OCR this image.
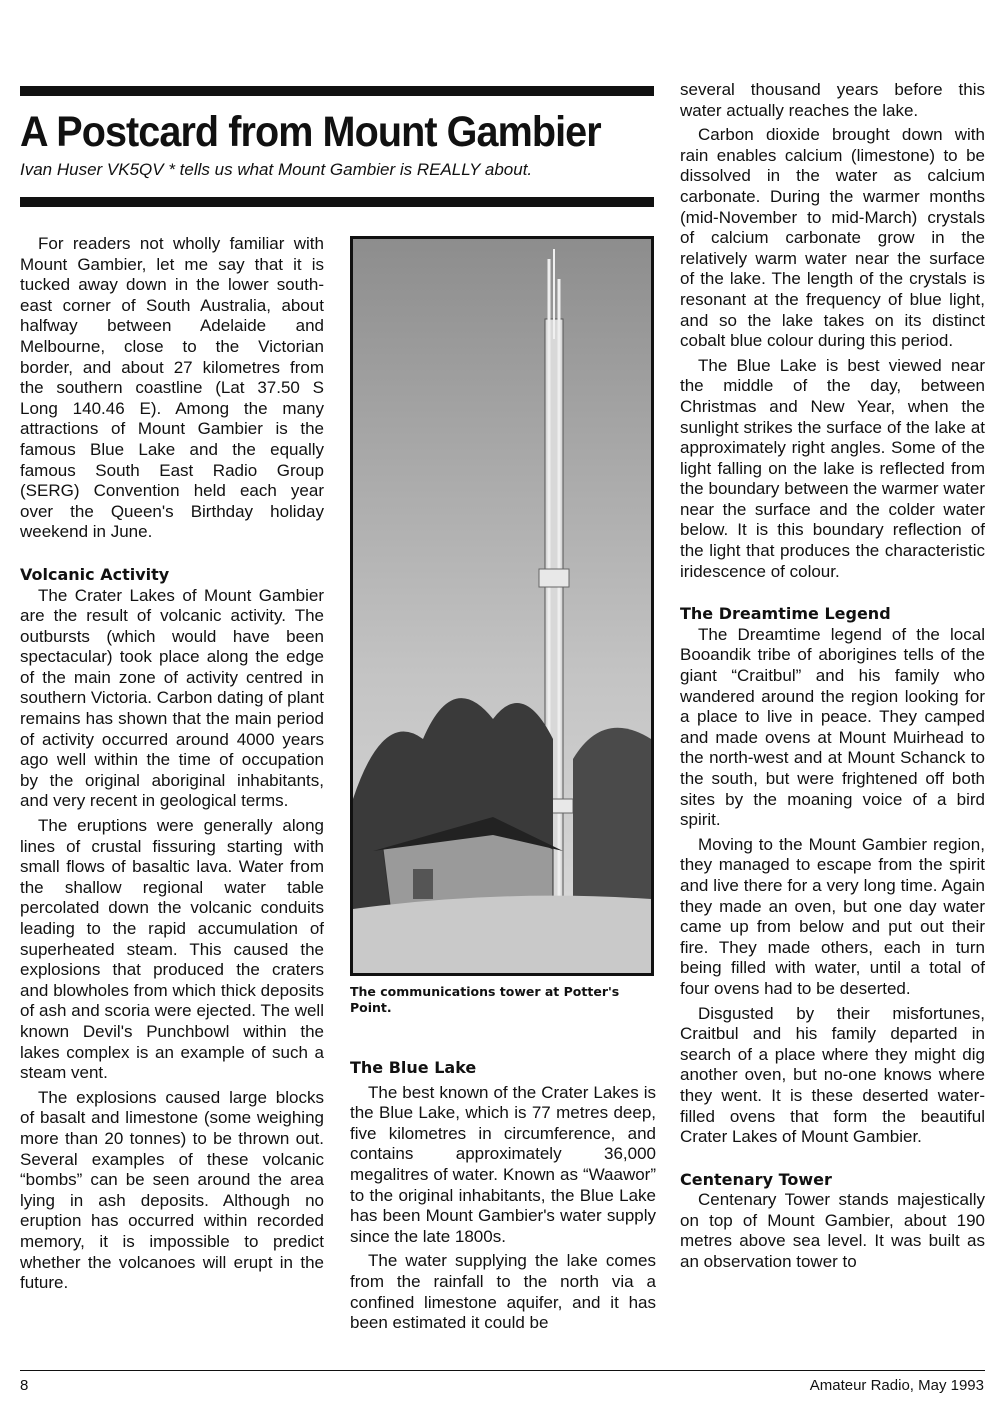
A Postcard from Mount Gambier

Ivan Huser VK5QV * tells us what Mount Gambier is REALLY about.

For readers not wholly familiar with Mount Gambier, let me say that it is tucked away down in the lower south-east corner of South Australia, about halfway between Adelaide and Melbourne, close to the Victorian border, and about 27 kilometres from the southern coastline (Lat 37.50 S Long 140.46 E). Among the many attractions of Mount Gambier is the famous Blue Lake and the equally famous South East Radio Group (SERG) Convention held each year over the Queen's Birthday holiday weekend in June.

Volcanic Activity

The Crater Lakes of Mount Gambier are the result of volcanic activity. The outbursts (which would have been spectacular) took place along the edge of the main zone of activity centred in southern Victoria. Carbon dating of plant remains has shown that the main period of activity occurred around 4000 years ago well within the time of occupation by the original aboriginal inhabitants, and very recent in geological terms.

The eruptions were generally along lines of crustal fissuring starting with small flows of basaltic lava. Water from the shallow regional water table percolated down the volcanic conduits leading to the rapid accumulation of superheated steam. This caused the explosions that produced the craters and blowholes from which thick deposits of ash and scoria were ejected. The well known Devil's Punchbowl within the lakes complex is an example of such a steam vent.

The explosions caused large blocks of basalt and limestone (some weighing more than 20 tonnes) to be thrown out. Several examples of these volcanic “bombs” can be seen around the area lying in ash deposits. Although no eruption has occurred within recorded memory, it is impossible to predict whether the volcanoes will erupt in the future.

The communications tower at Potter's Point.

The Blue Lake

The best known of the Crater Lakes is the Blue Lake, which is 77 metres deep, five kilometres in circumference, and contains approximately 36,000 megalitres of water. Known as “Waawor” to the original inhabitants, the Blue Lake has been Mount Gambier's water supply since the late 1800s.

The water supplying the lake comes from the rainfall to the north via a confined limestone aquifer, and it has been estimated it could be

several thousand years before this water actually reaches the lake.

Carbon dioxide brought down with rain enables calcium (limestone) to be dissolved in the water as calcium carbonate. During the warmer months (mid-November to mid-March) crystals of calcium carbonate grow in the relatively warm water near the surface of the lake. The length of the crystals is resonant at the frequency of blue light, and so the lake takes on its distinct cobalt blue colour during this period.

The Blue Lake is best viewed near the middle of the day, between Christmas and New Year, when the sunlight strikes the surface of the lake at approximately right angles. Some of the light falling on the lake is reflected from the boundary between the warmer water near the surface and the colder water below. It is this boundary reflection of the light that produces the characteristic iridescence of colour.

The Dreamtime Legend

The Dreamtime legend of the local Booandik tribe of aborigines tells of the giant “Craitbul” and his family who wandered around the region looking for a place to live in peace. They camped and made ovens at Mount Muirhead to the north-west and at Mount Schanck to the south, but were frightened off both sites by the moaning voice of a bird spirit.

Moving to the Mount Gambier region, they managed to escape from the spirit and live there for a very long time. Again they made an oven, but one day water came up from below and put out their fire. They made others, each in turn being filled with water, until a total of four ovens had to be deserted.

Disgusted by their misfortunes, Craitbul and his family departed in search of a place where they might dig another oven, but no-one knows where they went. It is these deserted water-filled ovens that form the beautiful Crater Lakes of Mount Gambier.

Centenary Tower

Centenary Tower stands majestically on top of Mount Gambier, about 190 metres above sea level. It was built as an observation tower to

8	Amateur Radio, May 1993
